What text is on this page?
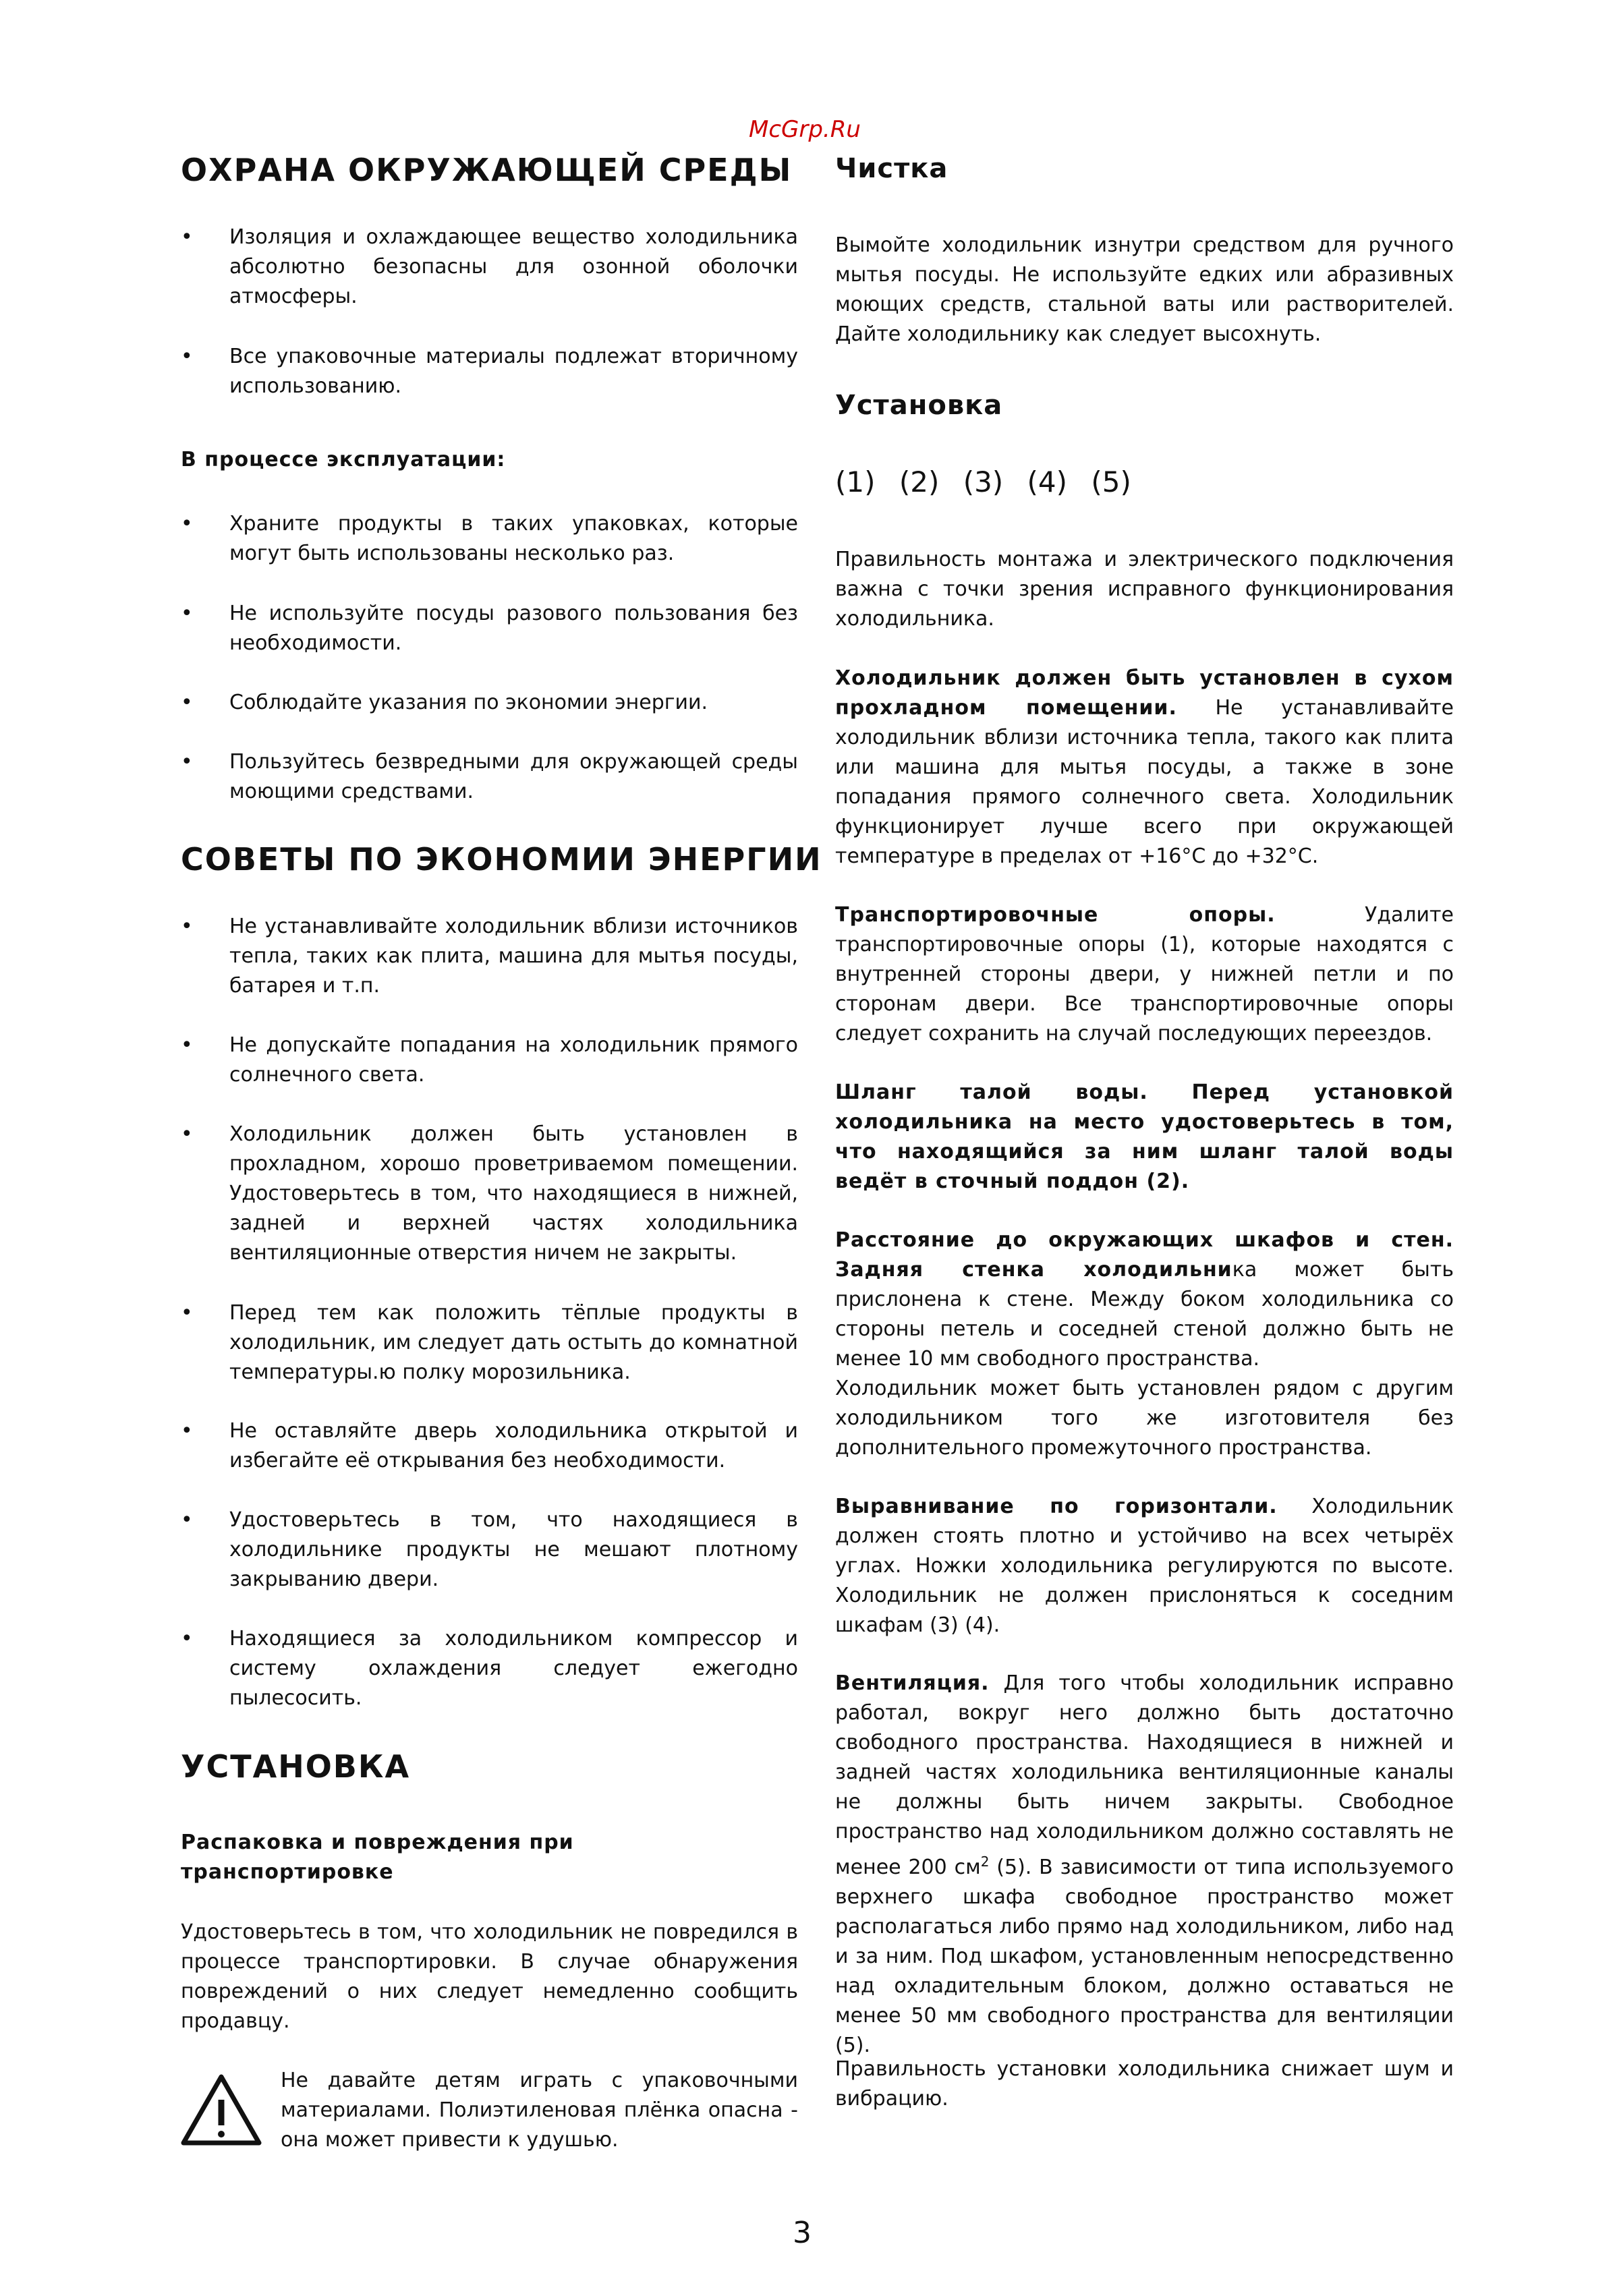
McGrp.Ru
ОХРАНА ОКРУЖАЮЩЕЙ СРЕДЫ
•	Изоляция и охлаждающее вещество холодильника абсолютно безопасны для озонной оболочки атмосферы.
•	Все упаковочные материалы подлежат вторичному использованию.
В процессе эксплуатации:
•	Храните продукты в таких упаковках, которые могут быть использованы несколько раз.
•	Не используйте посуды разового пользования без необходимости.
•	Соблюдайте указания по экономии энергии.
•	Пользуйтесь безвредными для окружающей среды моющими средствами.
СОВЕТЫ ПО ЭКОНОМИИ ЭНЕРГИИ
•	Не устанавливайте холодильник вблизи источников тепла, таких как плита, машина для мытья посуды, батарея и т.п.
•	Не допускайте попадания на холодильник прямого солнечного света.
•	Холодильник должен быть установлен в прохладном, хорошо проветриваемом помещении. Удостоверьтесь в том, что находящиеся в нижней, задней и верхней частях холодильника вентиляционные отверстия ничем не закрыты.
•	Перед тем как положить тёплые продукты в холодильник, им следует дать остыть до комнатной температуры.ю полку морозильника.
•	Не оставляйте дверь холодильника открытой и избегайте её открывания без необходимости.
•	Удостоверьтесь в том, что находящиеся в холодильнике продукты не мешают плотному закрыванию двери.
•	Находящиеся за холодильником компрессор и систему охлаждения следует ежегодно пылесосить.
УСТАНОВКА
Распаковка и повреждения при транспортировке
Удостоверьтесь в том, что холодильник не повредился в процессе транспортировки. В случае обнаружения повреждений о них следует немедленно сообщить продавцу.
Не давайте детям играть с упаковочными материалами. Полиэтиленовая плёнка опасна - она может привести к удушью.
Чистка
Вымойте холодильник изнутри средством для ручного мытья посуды. Не используйте едких или абразивных моющих средств, стальной ваты или растворителей. Дайте холодильнику как следует высохнуть.
Установка
(1) (2) (3) (4) (5)
Правильность монтажа и электрического подключения важна с точки зрения исправного функционирования холодильника.
Холодильник должен быть установлен в сухом прохладном помещении. Не устанавливайте холодильник вблизи источника тепла, такого как плита или машина для мытья посуды, а также в зоне попадания прямого солнечного света. Холодильник функционирует лучше всего при окружающей температуре в пределах от +16°С до +32°С.
Транспортировочные опоры. Удалите транспортировочные опоры (1), которые находятся с внутренней стороны двери, у нижней петли и по сторонам двери. Все транспортировочные опоры следует сохранить на случай последующих переездов.
Шланг талой воды. Перед установкой холодильника на место удостоверьтесь в том, что находящийся за ним шланг талой воды ведёт в сточный поддон (2).
Расстояние до окружающих шкафов и стен. Задняя стенка холодильника может быть прислонена к стене. Между боком холодильника со стороны петель и соседней стеной должно быть не менее 10 мм свободного пространства.
Холодильник может быть установлен рядом с другим холодильником того же изготовителя без дополнительного промежуточного пространства.
Выравнивание по горизонтали. Холодильник должен стоять плотно и устойчиво на всех четырёх углах. Ножки холодильника регулируются по высоте. Холодильник не должен прислоняться к соседним шкафам (3) (4).
Вентиляция. Для того чтобы холодильник исправно работал, вокруг него должно быть достаточно свободного пространства. Находящиеся в нижней и задней частях холодильника вентиляционные каналы не должны быть ничем закрыты. Свободное пространство над холодильником должно составлять не менее 200 $см^2$ (5). В зависимости от типа используемого верхнего шкафа свободное пространство может располагаться либо прямо над холодильником, либо над и за ним. Под шкафом, установленным непосредственно над охладительным блоком, должно оставаться не менее 50 мм свободного пространства для вентиляции (5).
Правильность установки холодильника снижает шум и вибрацию.
3
